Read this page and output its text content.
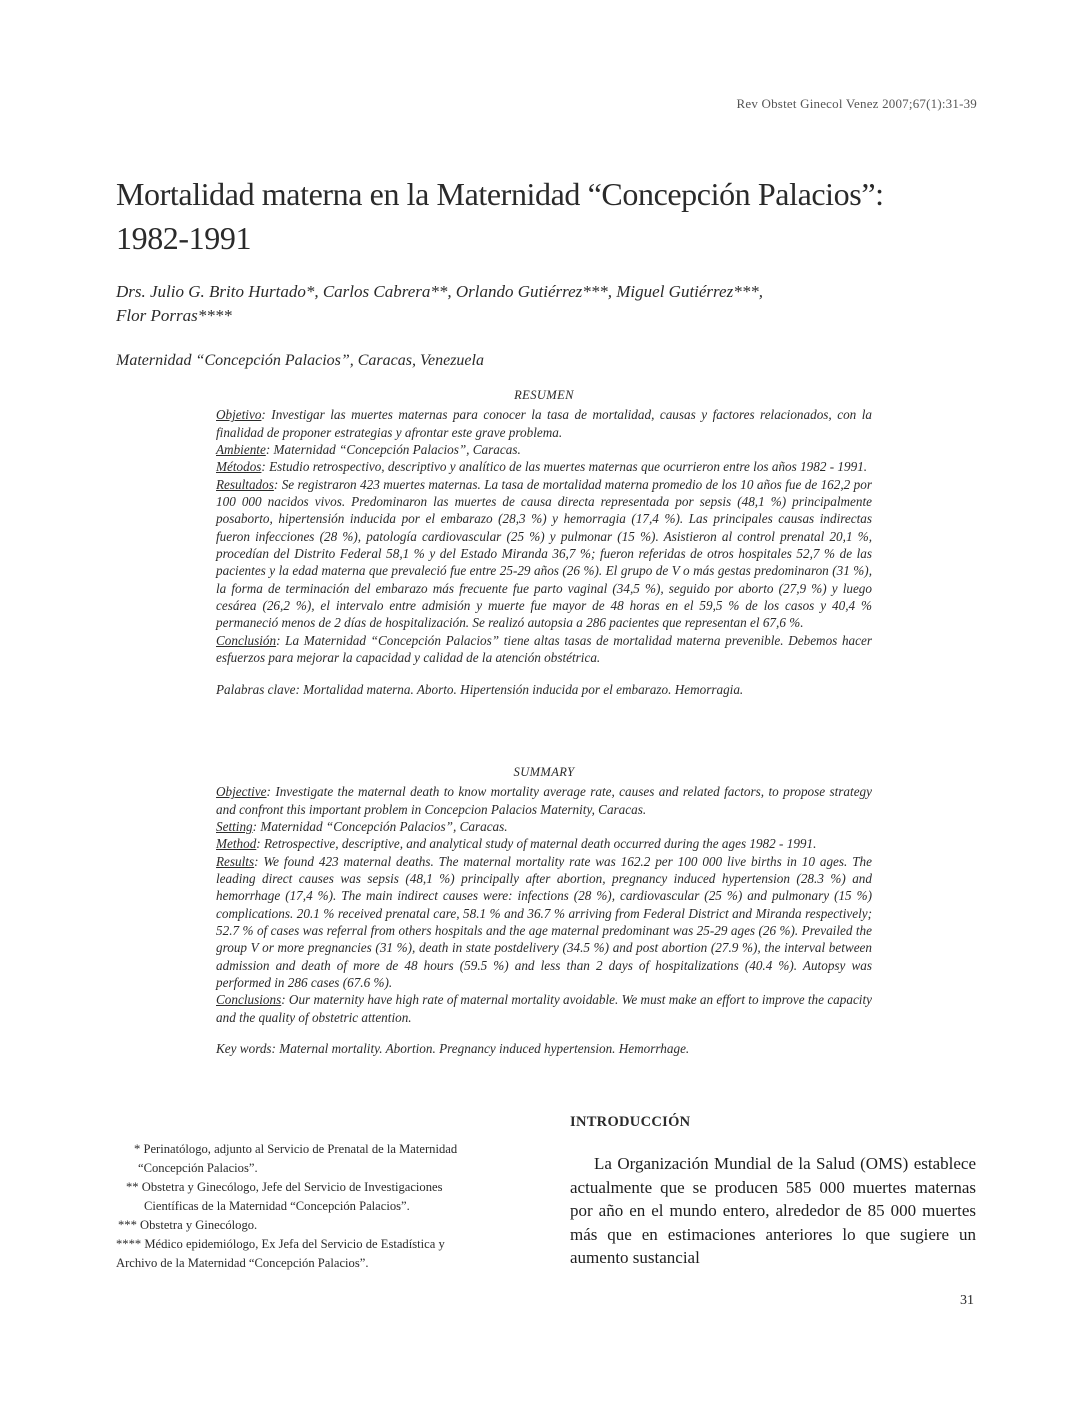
Rev Obstet Ginecol Venez 2007;67(1):31-39
Mortalidad materna en la Maternidad “Concepción Palacios”:
1982-1991
Drs. Julio G. Brito Hurtado*, Carlos Cabrera**, Orlando Gutiérrez***, Miguel Gutiérrez***,
Flor Porras****
Maternidad “Concepción Palacios”, Caracas, Venezuela

RESUMEN

Objetivo: Investigar las muertes maternas para conocer la tasa de mortalidad, causas y factores relacionados, con la finalidad de proponer estrategias y afrontar este grave problema.

Ambiente: Maternidad “Concepción Palacios”, Caracas.

Métodos: Estudio retrospectivo, descriptivo y analítico de las muertes maternas que ocurrieron entre los años 1982 - 1991.

Resultados: Se registraron 423 muertes maternas. La tasa de mortalidad materna promedio de los 10 años fue de 162,2 por 100 000 nacidos vivos. Predominaron las muertes de causa directa representada por sepsis (48,1 %) principalmente posaborto, hipertensión inducida por el embarazo (28,3 %) y hemorragia (17,4 %). Las principales causas indirectas fueron infecciones (28 %), patología cardiovascular (25 %) y pulmonar (15 %). Asistieron al control prenatal 20,1 %, procedían del Distrito Federal 58,1 % y del Estado Miranda 36,7 %; fueron referidas de otros hospitales 52,7 % de las pacientes y la edad materna que prevaleció fue entre 25-29 años (26 %). El grupo de V o más gestas predominaron (31 %), la forma de terminación del embarazo más frecuente fue parto vaginal (34,5 %), seguido por aborto (27,9 %) y luego cesárea (26,2 %), el intervalo entre admisión y muerte fue mayor de 48 horas en el 59,5 % de los casos y 40,4 % permaneció menos de 2 días de hospitalización. Se realizó autopsia a 286 pacientes que representan el 67,6 %.

Conclusión: La Maternidad “Concepción Palacios” tiene altas tasas de mortalidad materna prevenible. Debemos hacer esfuerzos para mejorar la capacidad y calidad de la atención obstétrica.

Palabras clave: Mortalidad materna. Aborto. Hipertensión inducida por el embarazo. Hemorragia.

SUMMARY

Objective: Investigate the maternal death to know mortality average rate, causes and related factors, to propose strategy and confront this important problem in Concepcion Palacios Maternity, Caracas.

Setting: Maternidad “Concepción Palacios”, Caracas.

Method: Retrospective, descriptive, and analytical study of maternal death occurred during the ages 1982 - 1991.

Results: We found 423 maternal deaths. The maternal mortality rate was 162.2 per 100 000 live births in 10 ages. The leading direct causes was sepsis (48,1 %) principally after abortion, pregnancy induced hypertension (28.3 %) and hemorrhage (17,4 %). The main indirect causes were: infections (28 %), cardiovascular (25 %) and pulmonary (15 %) complications. 20.1 % received prenatal care, 58.1 % and 36.7 % arriving from Federal District and Miranda respectively; 52.7 % of cases was referral from others hospitals and the age maternal predominant was 25-29 ages (26 %). Prevailed the group V or more pregnancies (31 %), death in state postdelivery (34.5 %) and post abortion (27.9 %), the interval between admission and death of more de 48 hours (59.5 %) and less than 2 days of hospitalizations (40.4 %). Autopsy was performed in 286 cases (67.6 %).

Conclusions: Our maternity have high rate of maternal mortality avoidable. We must make an effort to improve the capacity and the quality of obstetric attention.

Key words: Maternal mortality. Abortion. Pregnancy induced hypertension. Hemorrhage.

* Perinatólogo, adjunto al Servicio de Prenatal de la Maternidad

“Concepción Palacios”.

** Obstetra y Ginecólogo, Jefe del Servicio de Investigaciones

Científicas de la Maternidad “Concepción Palacios”.

*** Obstetra y Ginecólogo.

**** Médico epidemiólogo, Ex Jefa del Servicio de Estadística y

Archivo de la Maternidad “Concepción Palacios”.

INTRODUCCIÓN

La Organización Mundial de la Salud (OMS) establece actualmente que se producen 585 000 muertes maternas por año en el mundo entero, alrededor de 85 000 muertes más que en estimaciones anteriores lo que sugiere un aumento sustancial

31
